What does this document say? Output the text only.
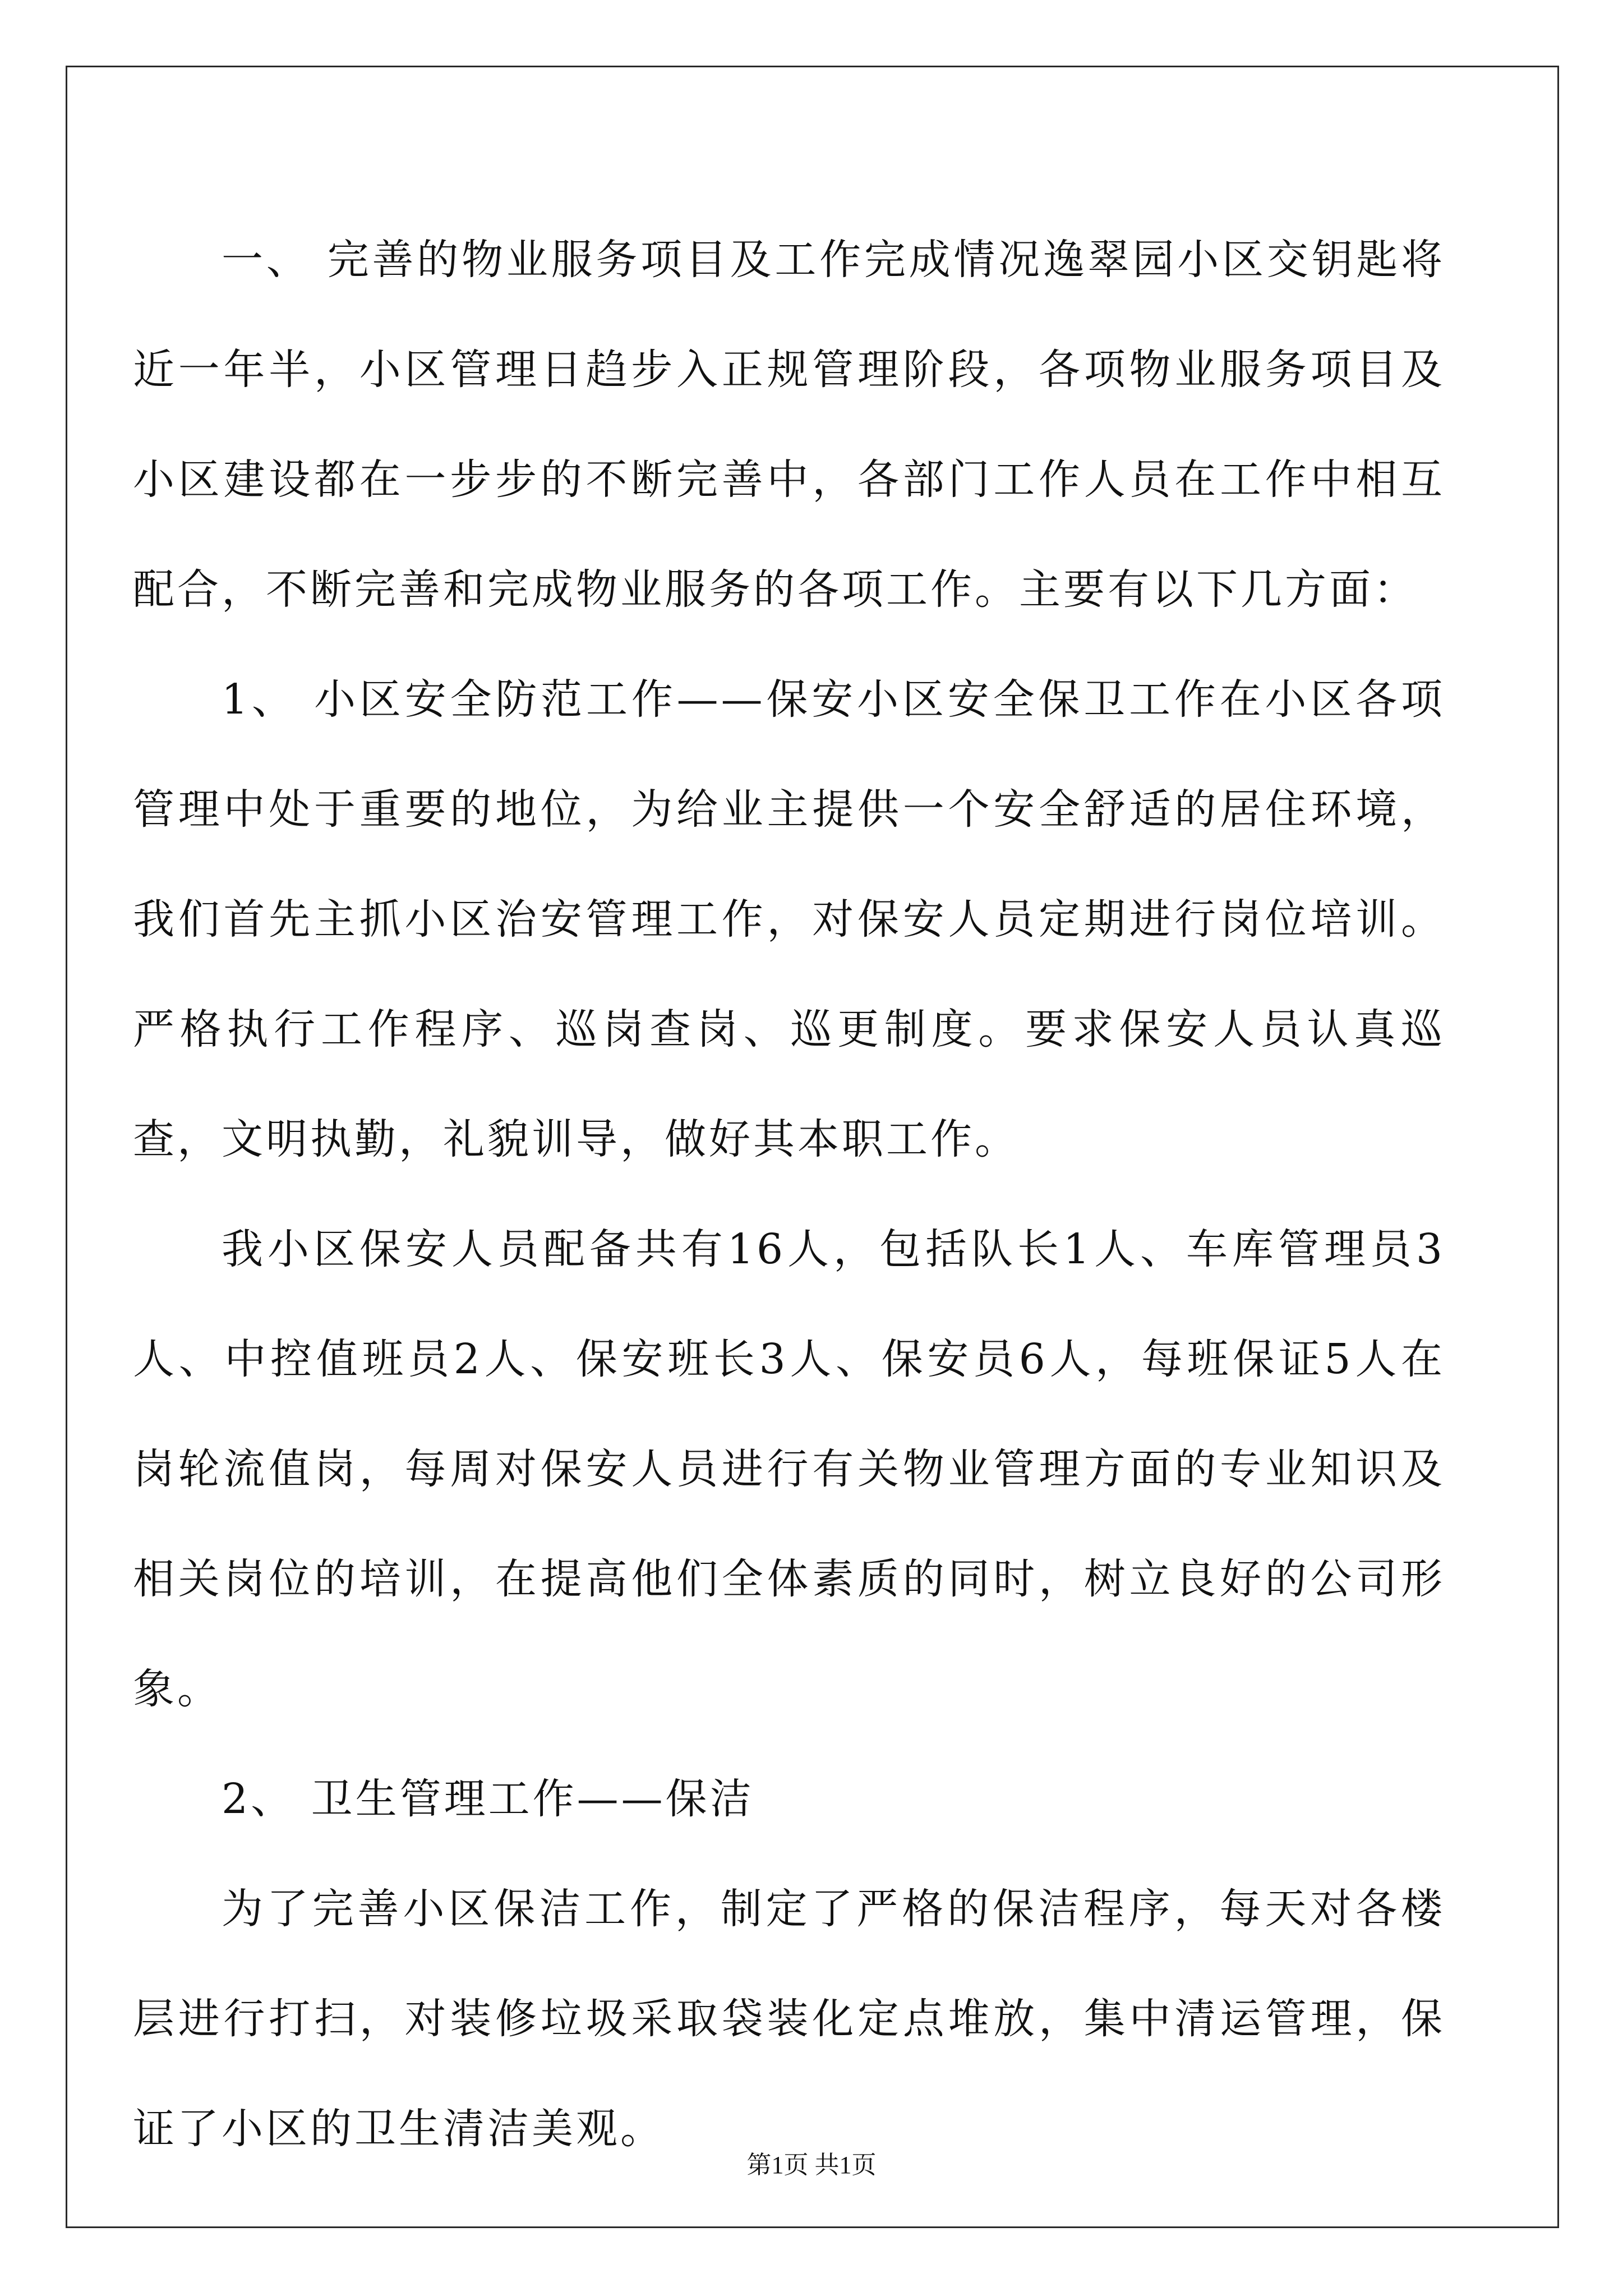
一、 完善的物业服务项目及工作完成情况逸翠园小区交钥匙将近一年半，小区管理日趋步入正规管理阶段，各项物业服务项目及小区建设都在一步步的不断完善中，各部门工作人员在工作中相互配合，不断完善和完成物业服务的各项工作。主要有以下几方面：

1、 小区安全防范工作——保安小区安全保卫工作在小区各项管理中处于重要的地位，为给业主提供一个安全舒适的居住环境，我们首先主抓小区治安管理工作，对保安人员定期进行岗位培训。严格执行工作程序、巡岗查岗、巡更制度。要求保安人员认真巡查，文明执勤，礼貌训导，做好其本职工作。

我小区保安人员配备共有16人，包括队长1人、车库管理员3人、中控值班员2人、保安班长3人、保安员6人，每班保证5人在岗轮流值岗，每周对保安人员进行有关物业管理方面的专业知识及相关岗位的培训，在提高他们全体素质的同时，树立良好的公司形象。

2、 卫生管理工作——保洁

为了完善小区保洁工作，制定了严格的保洁程序，每天对各楼层进行打扫，对装修垃圾采取袋装化定点堆放，集中清运管理，保证了小区的卫生清洁美观。

第1页 共1页
